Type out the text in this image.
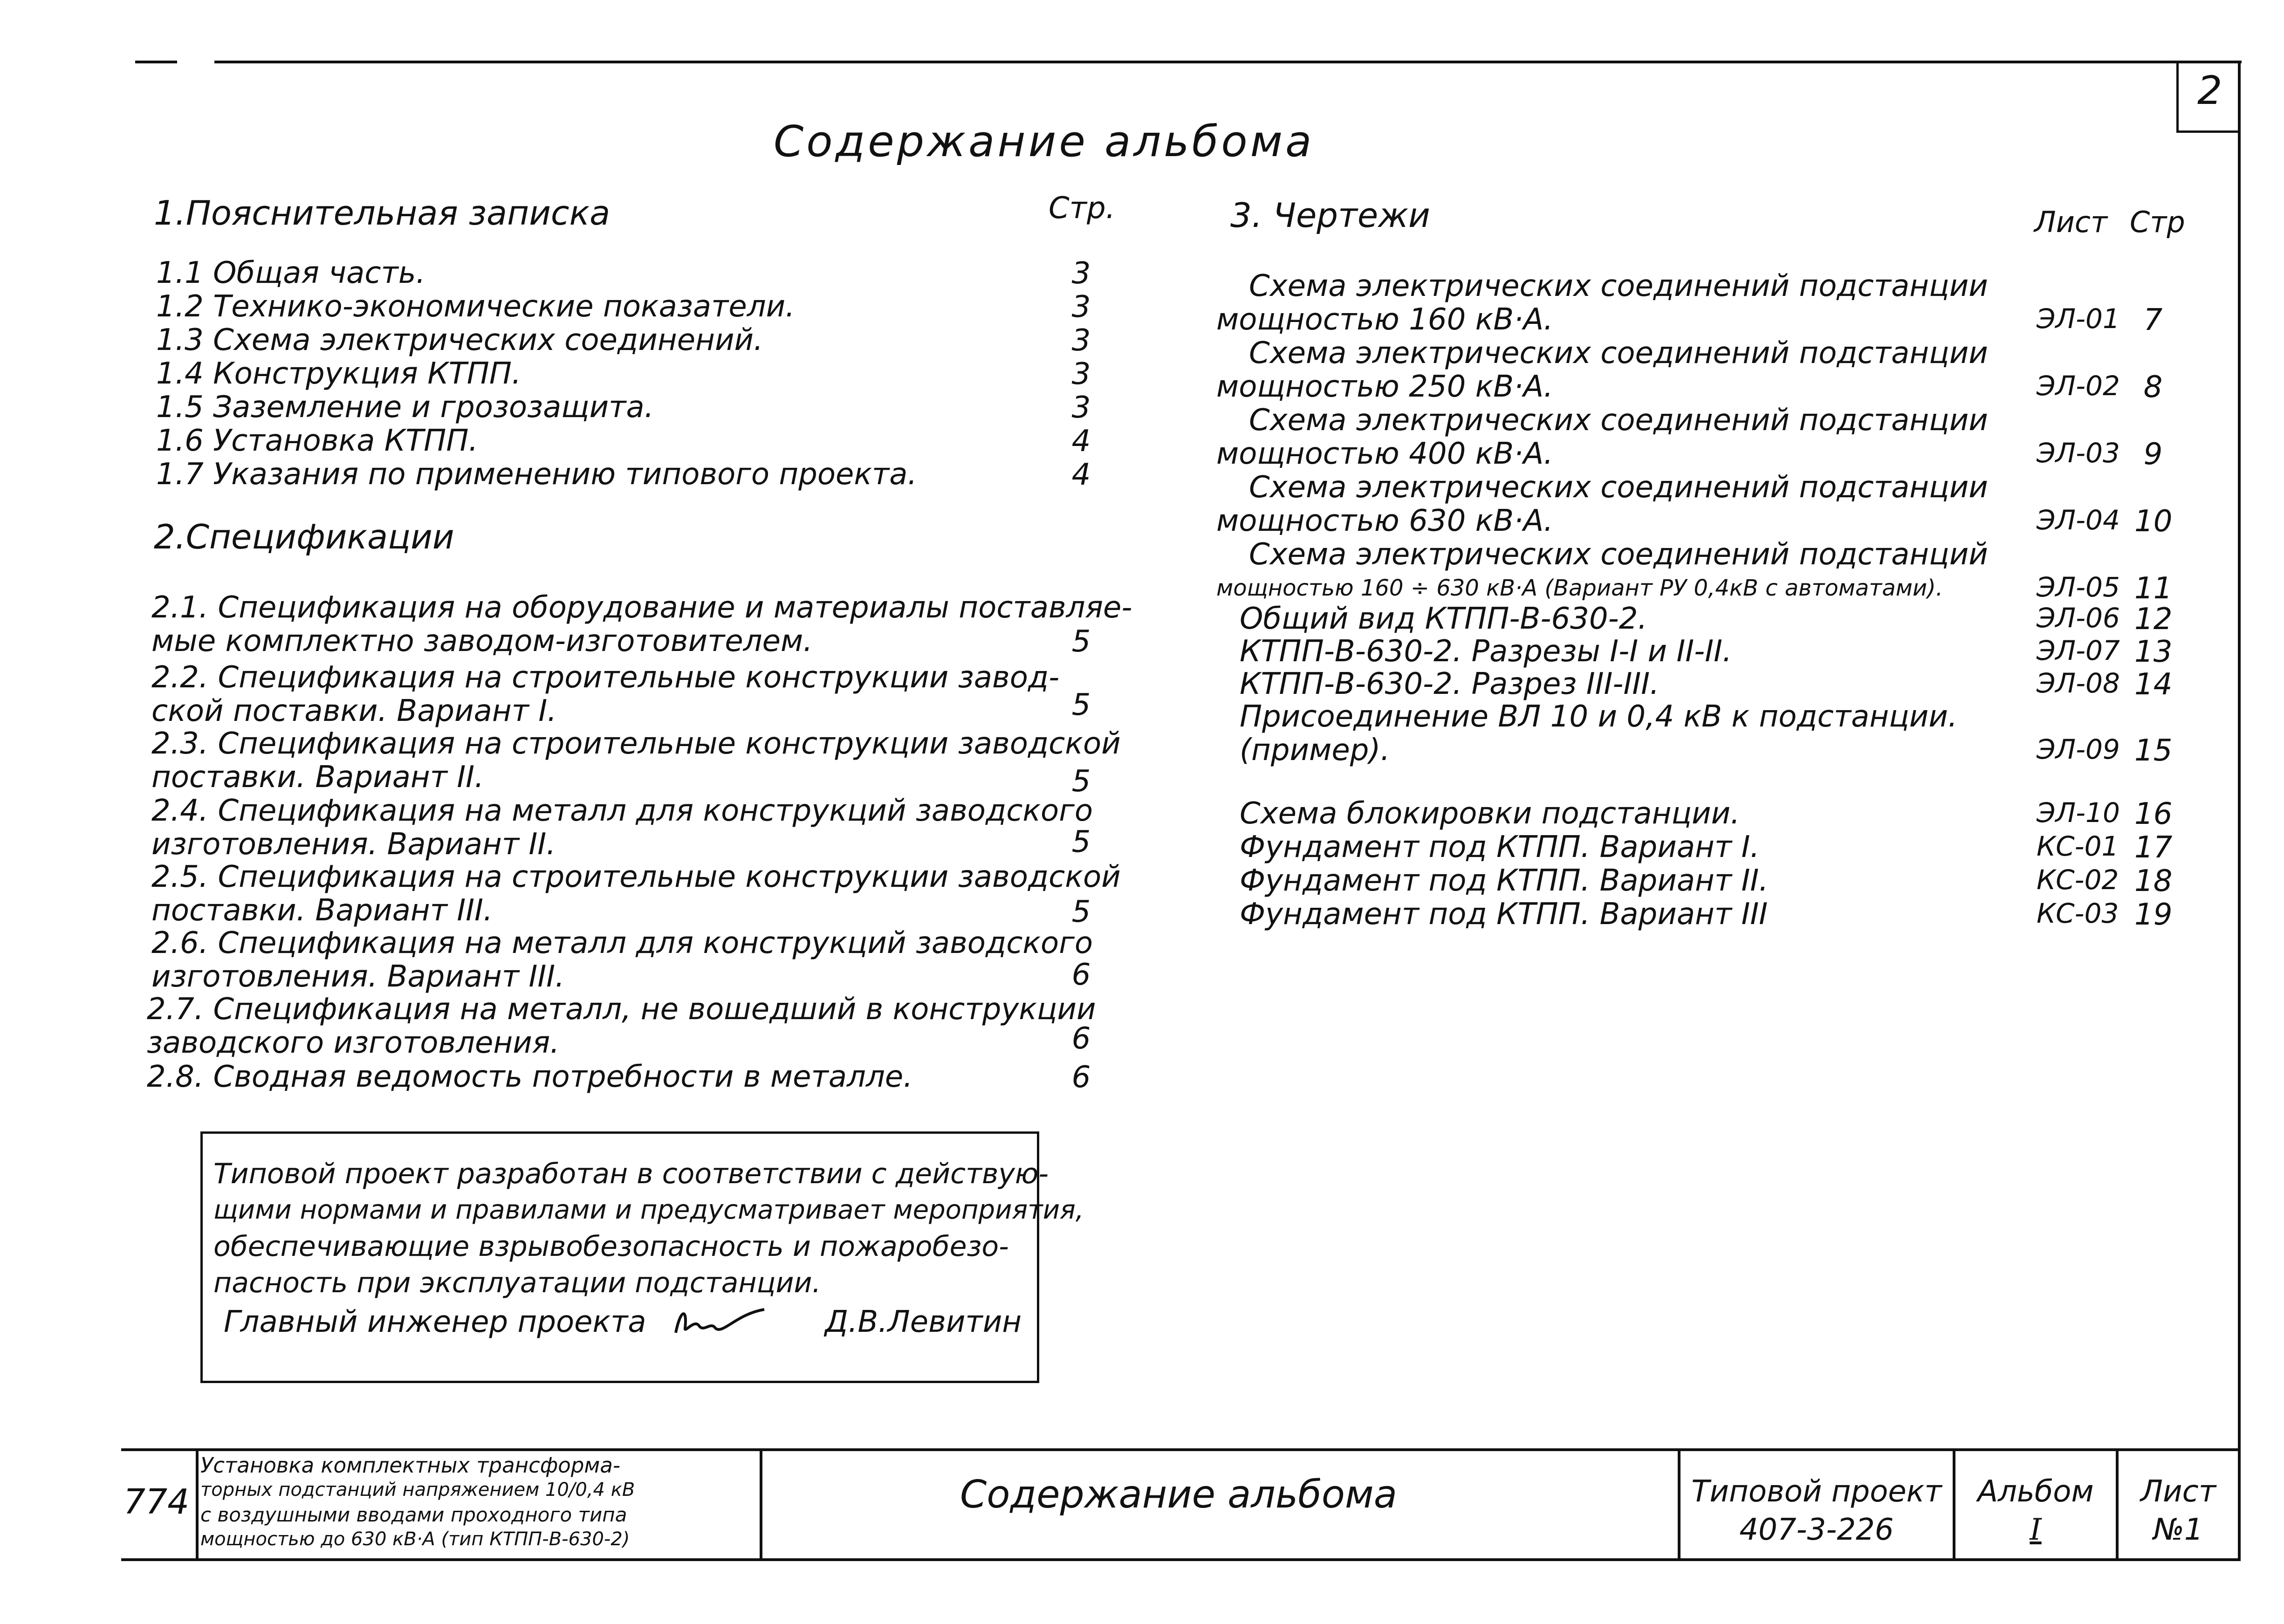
2
Содержание альбома
1.Пояснительная записка	Стр.
1.1 Общая часть.	3
1.2 Технико-экономические показатели.	3
1.3 Схема электрических соединений.	3
1.4 Конструкция КТПП.	3
1.5 Заземление и грозозащита.	3
1.6 Установка КТПП.	4
1.7 Указания по применению типового проекта.	4
2.Спецификации
2.1. Спецификация на оборудование и материалы поставляе-
мые комплектно заводом-изготовителем.	5
2.2. Спецификация на строительные конструкции завод-
ской поставки. Вариант I.	5
2.3. Спецификация на строительные конструкции заводской
поставки. Вариант II.	5
2.4. Спецификация на металл для конструкций заводского
изготовления. Вариант II.	5
2.5. Спецификация на строительные конструкции заводской
поставки. Вариант III.	5
2.6. Спецификация на металл для конструкций заводского
изготовления. Вариант III.	6
2.7. Спецификация на металл, не вошедший в конструкции
заводского изготовления.	6
2.8. Сводная ведомость потребности в металле.	6
3. Чертежи	Лист Стр
Схема электрических соединений подстанции
мощностью 160 кВ·А.	ЭЛ-01 7
Схема электрических соединений подстанции
мощностью 250 кВ·А.	ЭЛ-02 8
Схема электрических соединений подстанции
мощностью 400 кВ·А.	ЭЛ-03 9
Схема электрических соединений подстанции
мощностью 630 кВ·А.	ЭЛ-04 10
Схема электрических соединений подстанций
мощностью 160 ÷ 630 кВ·А (Вариант РУ 0,4кВ с автоматами).	ЭЛ-05 11
Общий вид КТПП-В-630-2.	ЭЛ-06 12
КТПП-В-630-2. Разрезы I-I и II-II.	ЭЛ-07 13
КТПП-В-630-2. Разрез III-III.	ЭЛ-08 14
Присоединение ВЛ 10 и 0,4 кВ к подстанции.
(пример).	ЭЛ-09 15
Схема блокировки подстанции.	ЭЛ-10 16
Фундамент под КТПП. Вариант I.	КС-01 17
Фундамент под КТПП. Вариант II.	КС-02 18
Фундамент под КТПП. Вариант III	КС-03 19
Типовой проект разработан в соответствии с действую-
щими нормами и правилами и предусматривает мероприятия,
обеспечивающие взрывобезопасность и пожаробезо-
пасность при эксплуатации подстанции.
Главный инженер проекта	Д.В.Левитин
774
Установка комплектных трансформа-
торных подстанций напряжением 10/0,4 кВ
с воздушными вводами проходного типа
мощностью до 630 кВ·А (тип КТПП-В-630-2)
Содержание альбома	Типовой проект
407-3-226
Альбом
I
Лист
№1
